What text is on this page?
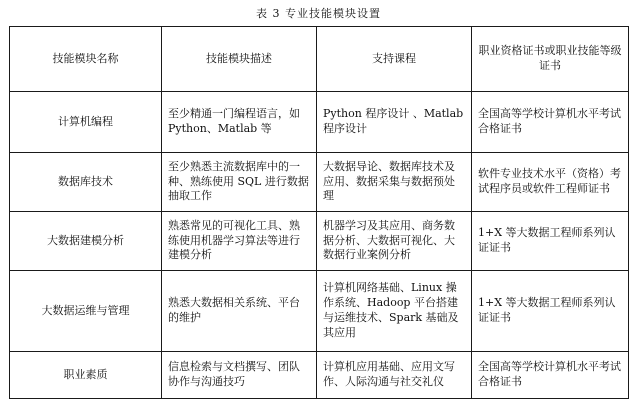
表 3 专业技能模块设置
技能模块名称	技能模块描述	支持课程	职业资格证书或职业技能等级证书
计算机编程	至少精通一门编程语言，如 Python、Matlab 等	Python 程序设计 、Matlab 程序设计	全国高等学校计算机水平考试合格证书
数据库技术	至少熟悉主流数据库中的一种、熟练使用 SQL 进行数据抽取工作	大数据导论、数据库技术及应用、数据采集与数据预处理	软件专业技术水平（资格）考试程序员或软件工程师证书
大数据建模分析	熟悉常见的可视化工具、熟练使用机器学习算法等进行建模分析	机器学习及其应用、商务数据分析、大数据可视化、大数据行业案例分析	1+X 等大数据工程师系列认证证书
大数据运维与管理	熟悉大数据相关系统、平台的维护	计算机网络基础、Linux 操作系统、Hadoop 平台搭建与运维技术、Spark 基础及其应用	1+X 等大数据工程师系列认证证书
职业素质	信息检索与文档撰写、团队协作与沟通技巧	计算机应用基础、应用文写作、人际沟通与社交礼仪	全国高等学校计算机水平考试合格证书
